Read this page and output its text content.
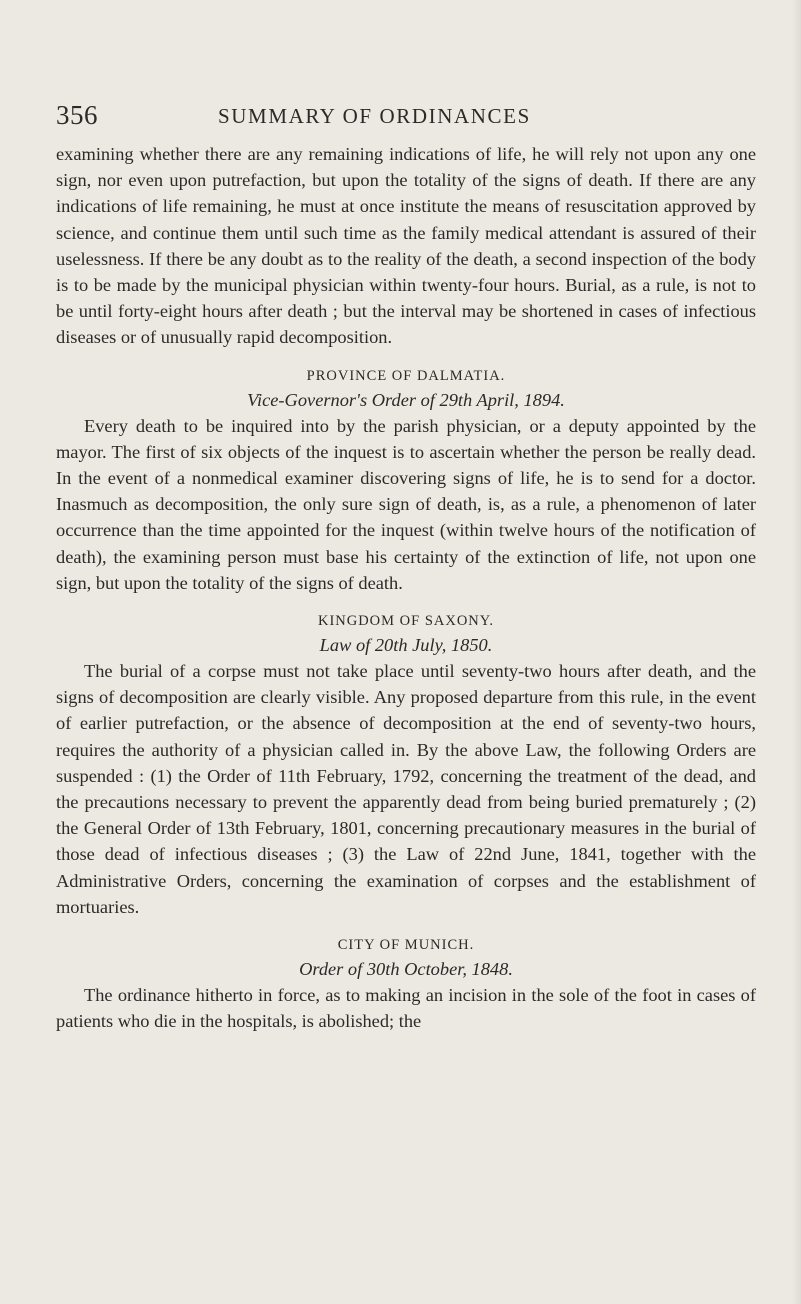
356	SUMMARY OF ORDINANCES

examining whether there are any remaining indications of life, he will rely not upon any one sign, nor even upon putrefaction, but upon the totality of the signs of death. If there are any indications of life remaining, he must at once institute the means of resuscitation approved by science, and continue them until such time as the family medical attendant is assured of their uselessness. If there be any doubt as to the reality of the death, a second inspection of the body is to be made by the municipal physician within twenty-four hours. Burial, as a rule, is not to be until forty-eight hours after death ; but the interval may be shortened in cases of infectious diseases or of unusually rapid decomposition.

PROVINCE OF DALMATIA.
Vice-Governor's Order of 29th April, 1894.

Every death to be inquired into by the parish physician, or a deputy appointed by the mayor. The first of six objects of the inquest is to ascertain whether the person be really dead. In the event of a nonmedical examiner discovering signs of life, he is to send for a doctor. Inasmuch as decomposition, the only sure sign of death, is, as a rule, a phenomenon of later occurrence than the time appointed for the inquest (within twelve hours of the notification of death), the examining person must base his certainty of the extinction of life, not upon one sign, but upon the totality of the signs of death.

KINGDOM OF SAXONY.
Law of 20th July, 1850.

The burial of a corpse must not take place until seventy-two hours after death, and the signs of decomposition are clearly visible. Any proposed departure from this rule, in the event of earlier putrefaction, or the absence of decomposition at the end of seventy-two hours, requires the authority of a physician called in. By the above Law, the following Orders are suspended : (1) the Order of 11th February, 1792, concerning the treatment of the dead, and the precautions necessary to prevent the apparently dead from being buried prematurely ; (2) the General Order of 13th February, 1801, concerning precautionary measures in the burial of those dead of infectious diseases ; (3) the Law of 22nd June, 1841, together with the Administrative Orders, concerning the examination of corpses and the establishment of mortuaries.

CITY OF MUNICH.
Order of 30th October, 1848.

The ordinance hitherto in force, as to making an incision in the sole of the foot in cases of patients who die in the hospitals, is abolished; the
